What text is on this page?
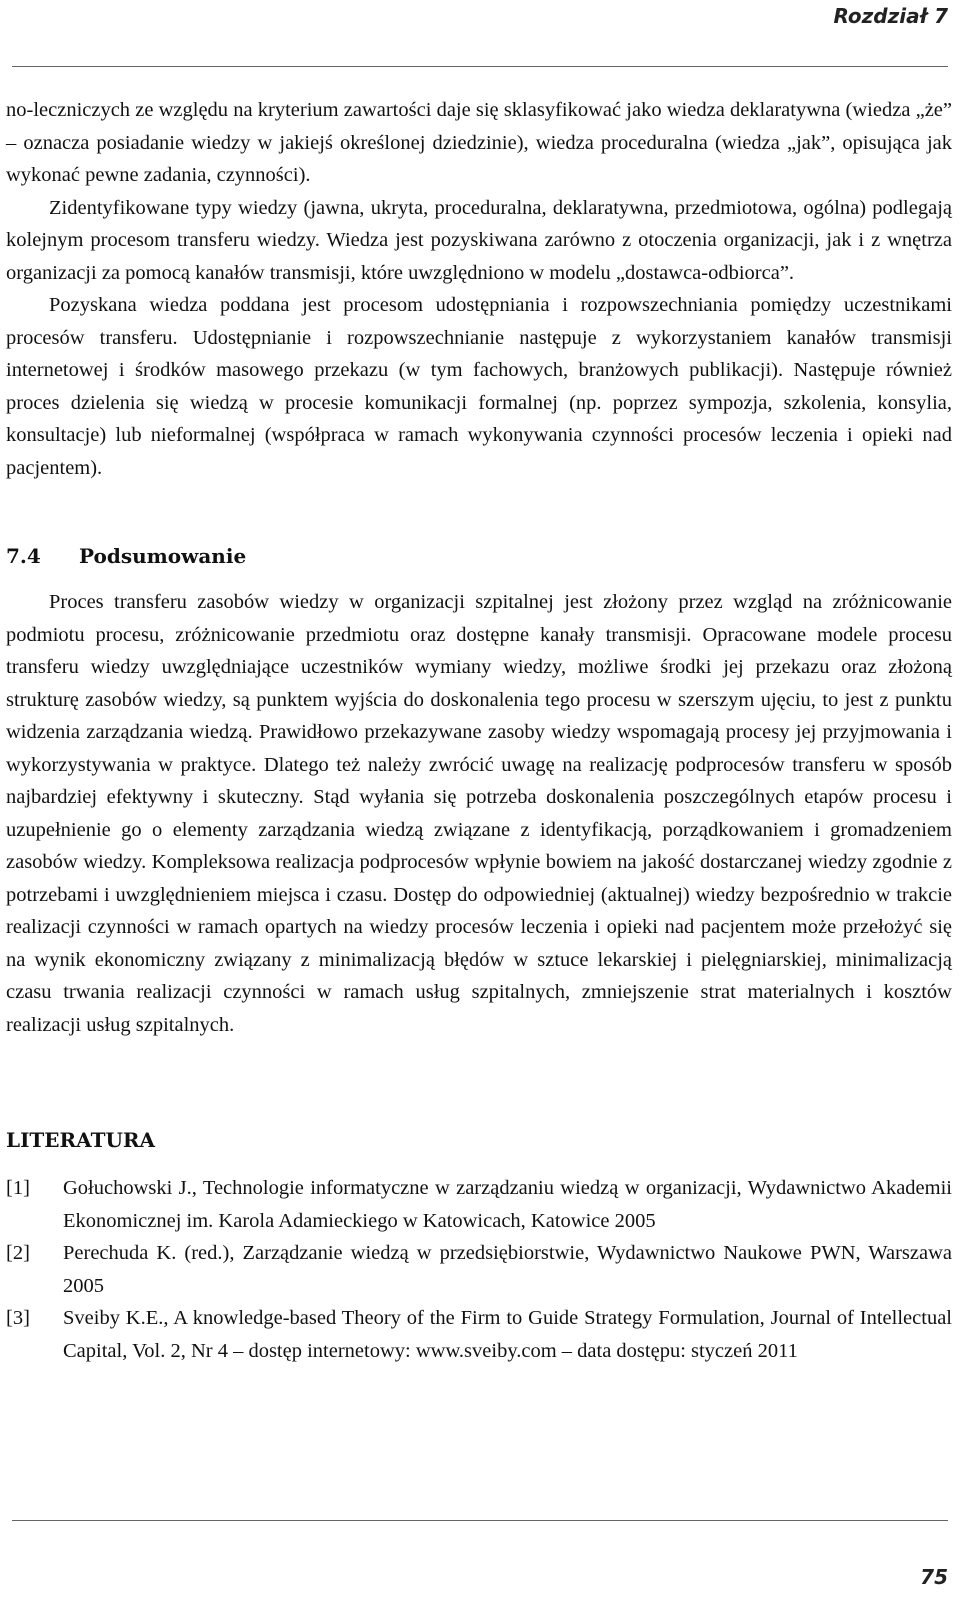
Rozdział 7

no-leczniczych ze względu na kryterium zawartości daje się sklasyfikować jako wiedza deklaratywna (wiedza „że” – oznacza posiadanie wiedzy w jakiejś określonej dziedzinie), wiedza proceduralna (wiedza „jak”, opisująca jak wykonać pewne zadania, czynności).

Zidentyfikowane typy wiedzy (jawna, ukryta, proceduralna, deklaratywna, przedmiotowa, ogólna) podlegają kolejnym procesom transferu wiedzy. Wiedza jest pozyskiwana zarówno z otoczenia organizacji, jak i z wnętrza organizacji za pomocą kanałów transmisji, które uwzględniono w modelu „dostawca-odbiorca”.

Pozyskana wiedza poddana jest procesom udostępniania i rozpowszechniania pomiędzy uczestnikami procesów transferu. Udostępnianie i rozpowszechnianie następuje z wykorzystaniem kanałów transmisji internetowej i środków masowego przekazu (w tym fachowych, branżowych publikacji). Następuje również proces dzielenia się wiedzą w procesie komunikacji formalnej (np. poprzez sympozja, szkolenia, konsylia, konsultacje) lub nieformalnej (współpraca w ramach wykonywania czynności procesów leczenia i opieki nad pacjentem).

7.4 Podsumowanie

Proces transferu zasobów wiedzy w organizacji szpitalnej jest złożony przez wzgląd na zróżnicowanie podmiotu procesu, zróżnicowanie przedmiotu oraz dostępne kanały transmisji. Opracowane modele procesu transferu wiedzy uwzględniające uczestników wymiany wiedzy, możliwe środki jej przekazu oraz złożoną strukturę zasobów wiedzy, są punktem wyjścia do doskonalenia tego procesu w szerszym ujęciu, to jest z punktu widzenia zarządzania wiedzą. Prawidłowo przekazywane zasoby wiedzy wspomagają procesy jej przyjmowania i wykorzystywania w praktyce. Dlatego też należy zwrócić uwagę na realizację podprocesów transferu w sposób najbardziej efektywny i skuteczny. Stąd wyłania się potrzeba doskonalenia poszczególnych etapów procesu i uzupełnienie go o elementy zarządzania wiedzą związane z identyfikacją, porządkowaniem i gromadzeniem zasobów wiedzy. Kompleksowa realizacja podprocesów wpłynie bowiem na jakość dostarczanej wiedzy zgodnie z potrzebami i uwzględnieniem miejsca i czasu. Dostęp do odpowiedniej (aktualnej) wiedzy bezpośrednio w trakcie realizacji czynności w ramach opartych na wiedzy procesów leczenia i opieki nad pacjentem może przełożyć się na wynik ekonomiczny związany z minimalizacją błędów w sztuce lekarskiej i pielęgniarskiej, minimalizacją czasu trwania realizacji czynności w ramach usług szpitalnych, zmniejszenie strat materialnych i kosztów realizacji usług szpitalnych.

LITERATURA
[1]	Gołuchowski J., Technologie informatyczne w zarządzaniu wiedzą w organizacji, Wydawnictwo Akademii Ekonomicznej im. Karola Adamieckiego w Katowicach, Katowice 2005
[2]	Perechuda K. (red.), Zarządzanie wiedzą w przedsiębiorstwie, Wydawnictwo Naukowe PWN, Warszawa 2005
[3]	Sveiby K.E., A knowledge-based Theory of the Firm to Guide Strategy Formulation, Journal of Intellectual Capital, Vol. 2, Nr 4 – dostęp internetowy: www.sveiby.com – data dostępu: styczeń 2011
75
